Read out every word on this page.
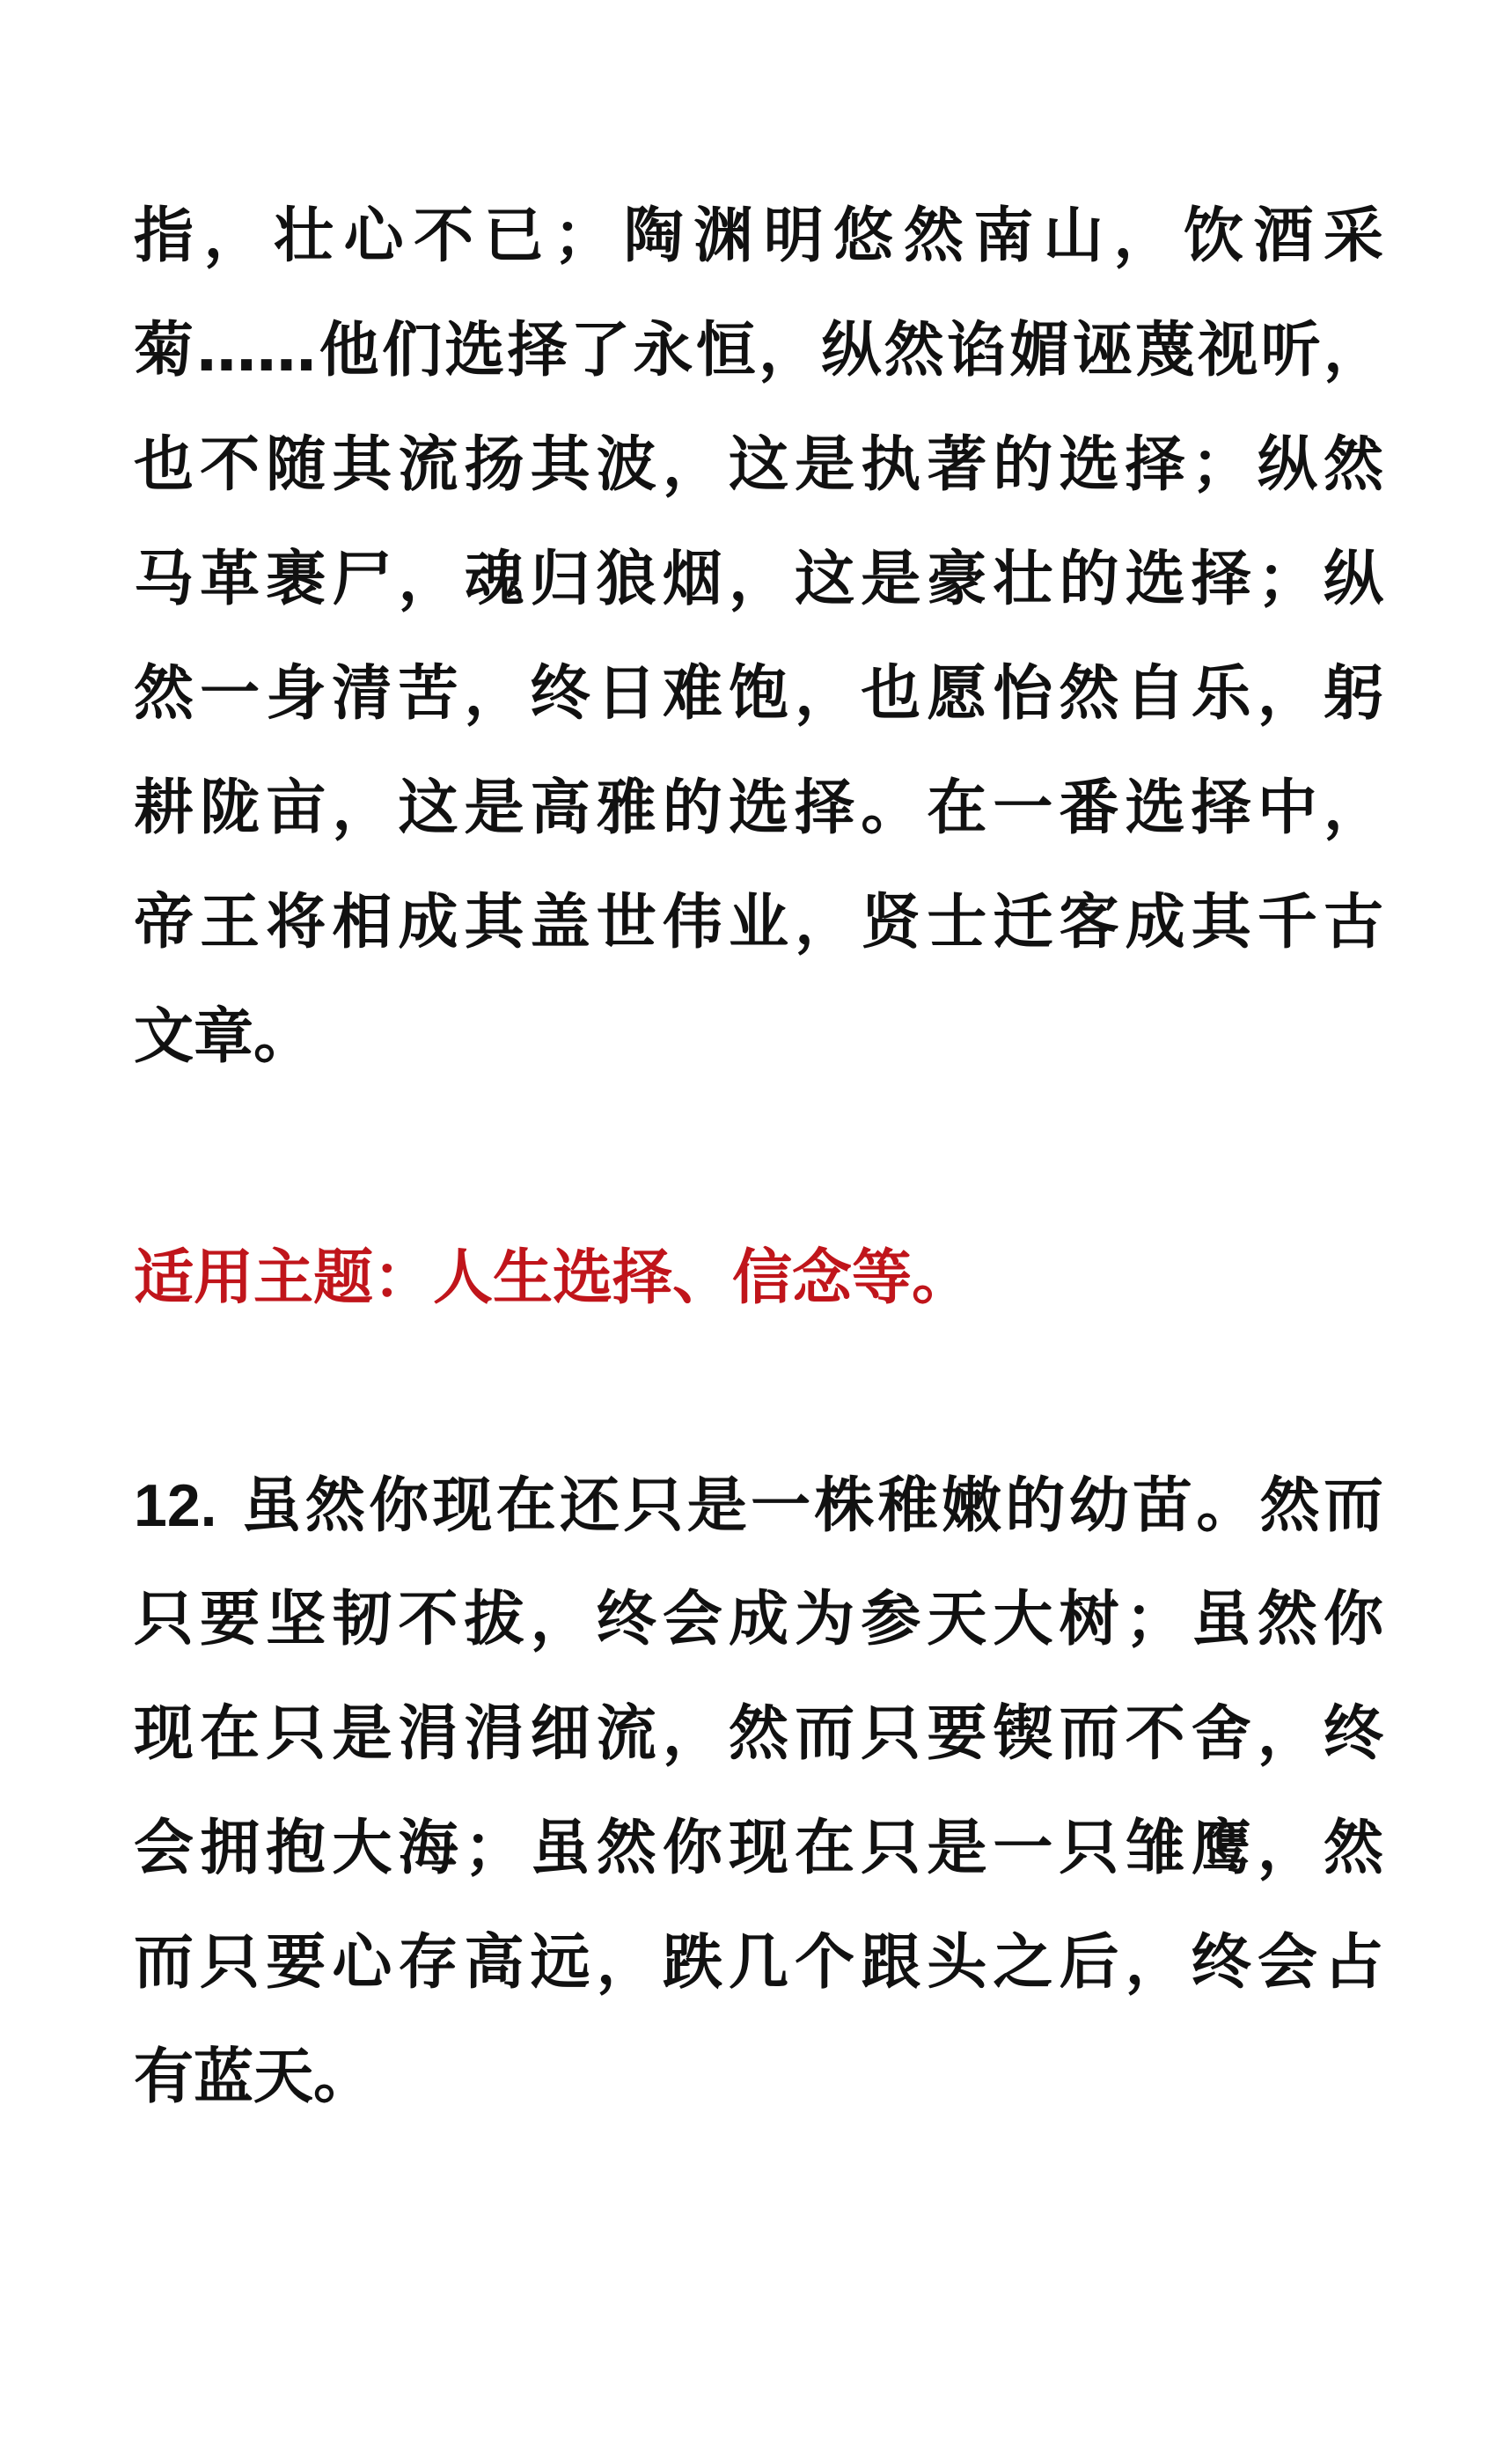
指，壮心不已；陶渊明悠然南山，饮酒采
菊……他们选择了永恒，纵然谄媚诬蔑视听，
也不随其流扬其波，这是执著的选择；纵然
马革裹尸，魂归狼烟，这是豪壮的选择；纵
然一身清苦，终日难饱，也愿怡然自乐，躬
耕陇亩，这是高雅的选择。在一番选择中，
帝王将相成其盖世伟业，贤士迁客成其千古
文章。
适用主题：人生选择、信念等。
12. 虽然你现在还只是一株稚嫩的幼苗。然而
只要坚韧不拔，终会成为参天大树；虽然你
现在只是涓涓细流，然而只要锲而不舍，终
会拥抱大海；虽然你现在只是一只雏鹰，然
而只要心存高远，跌几个跟头之后，终会占
有蓝天。
